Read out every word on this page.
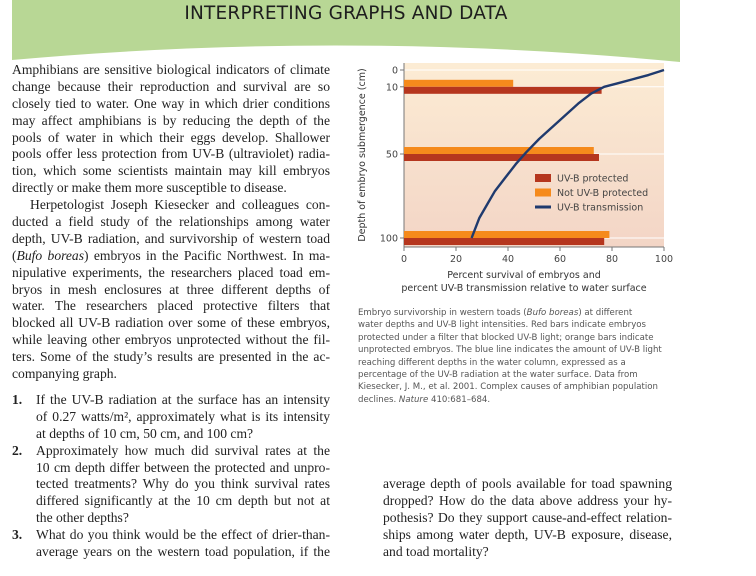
INTERPRETING GRAPHS AND DATA
Amphibians are sensitive biological indicators of climate
change because their reproduction and survival are so
closely tied to water. One way in which drier conditions
may affect amphibians is by reducing the depth of the
pools of water in which their eggs develop. Shallower
pools offer less protection from UV-B (ultraviolet) radia-
tion, which some scientists maintain may kill embryos
directly or make them more susceptible to disease.
Herpetologist Joseph Kiesecker and colleagues con-
ducted a field study of the relationships among water
depth, UV-B radiation, and survivorship of western toad
(Bufo boreas) embryos in the Pacific Northwest. In ma-
nipulative experiments, the researchers placed toad em-
bryos in mesh enclosures at three different depths of
water. The researchers placed protective filters that
blocked all UV-B radiation over some of these embryos,
while leaving other embryos unprotected without the fil-
ters. Some of the study’s results are presented in the ac-
companying graph.
1. If the UV-B radiation at the surface has an intensity
of 0.27 watts/m², approximately what is its intensity
at depths of 10 cm, 50 cm, and 100 cm?
2. Approximately how much did survival rates at the
10 cm depth differ between the protected and unpro-
tected treatments? Why do you think survival rates
differed significantly at the 10 cm depth but not at
the other depths?
3. What do you think would be the effect of drier-than-
average years on the western toad population, if the
average depth of pools available for toad spawning
dropped? How do the data above address your hy-
pothesis? Do they support cause-and-effect relation-
ships among water depth, UV-B exposure, disease,
and toad mortality?
Embryo survivorship in western toads (Bufo boreas) at different
water depths and UV-B light intensities. Red bars indicate embryos
protected under a filter that blocked UV-B light; orange bars indicate
unprotected embryos. The blue line indicates the amount of UV-B light
reaching different depths in the water column, expressed as a
percentage of the UV-B radiation at the water surface. Data from
Kiesecker, J. M., et al. 2001. Complex causes of amphibian population
declines. Nature 410:681–684.
0
10
50
100
0	20	40	60	80	100
UV-B protected
Not UV-B protected
UV-B transmission
Percent survival of embryos and
percent UV-B transmission relative to water surface
Depth of embryo submergence (cm)
